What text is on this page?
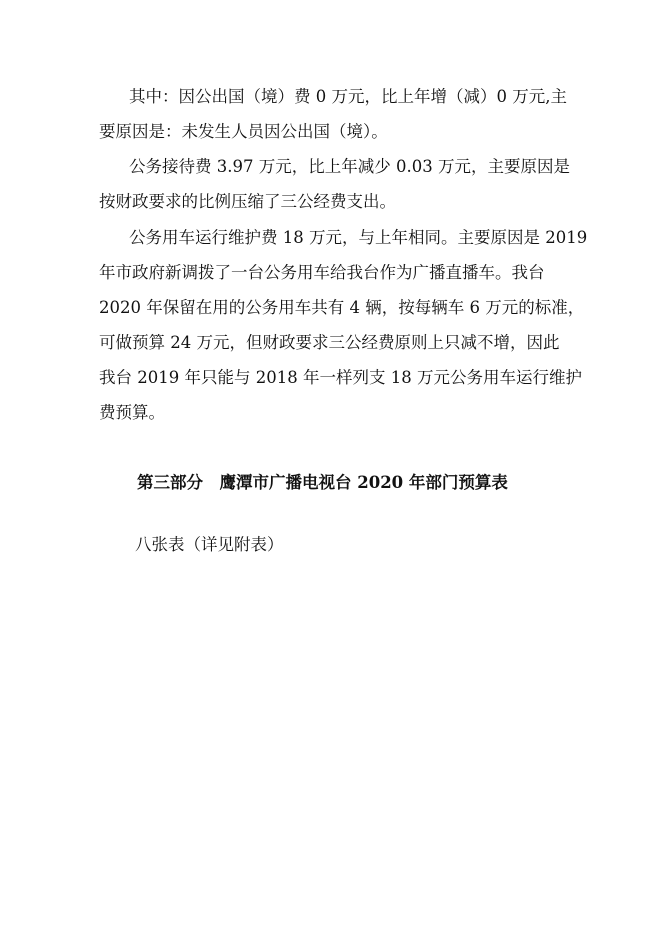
其中：因公出国（境）费 0 万元，比上年增（减）0 万元,主
要原因是：未发生人员因公出国（境）。
公务接待费 3.97 万元，比上年减少 0.03 万元，主要原因是
按财政要求的比例压缩了三公经费支出。
公务用车运行维护费 18 万元，与上年相同。主要原因是 2019
年市政府新调拨了一台公务用车给我台作为广播直播车。我台
2020 年保留在用的公务用车共有 4 辆，按每辆车 6 万元的标准，
可做预算 24 万元，但财政要求三公经费原则上只减不增，因此
我台 2019 年只能与 2018 年一样列支 18 万元公务用车运行维护
费预算。
第三部分　鹰潭市广播电视台 2020 年部门预算表
八张表（详见附表）
